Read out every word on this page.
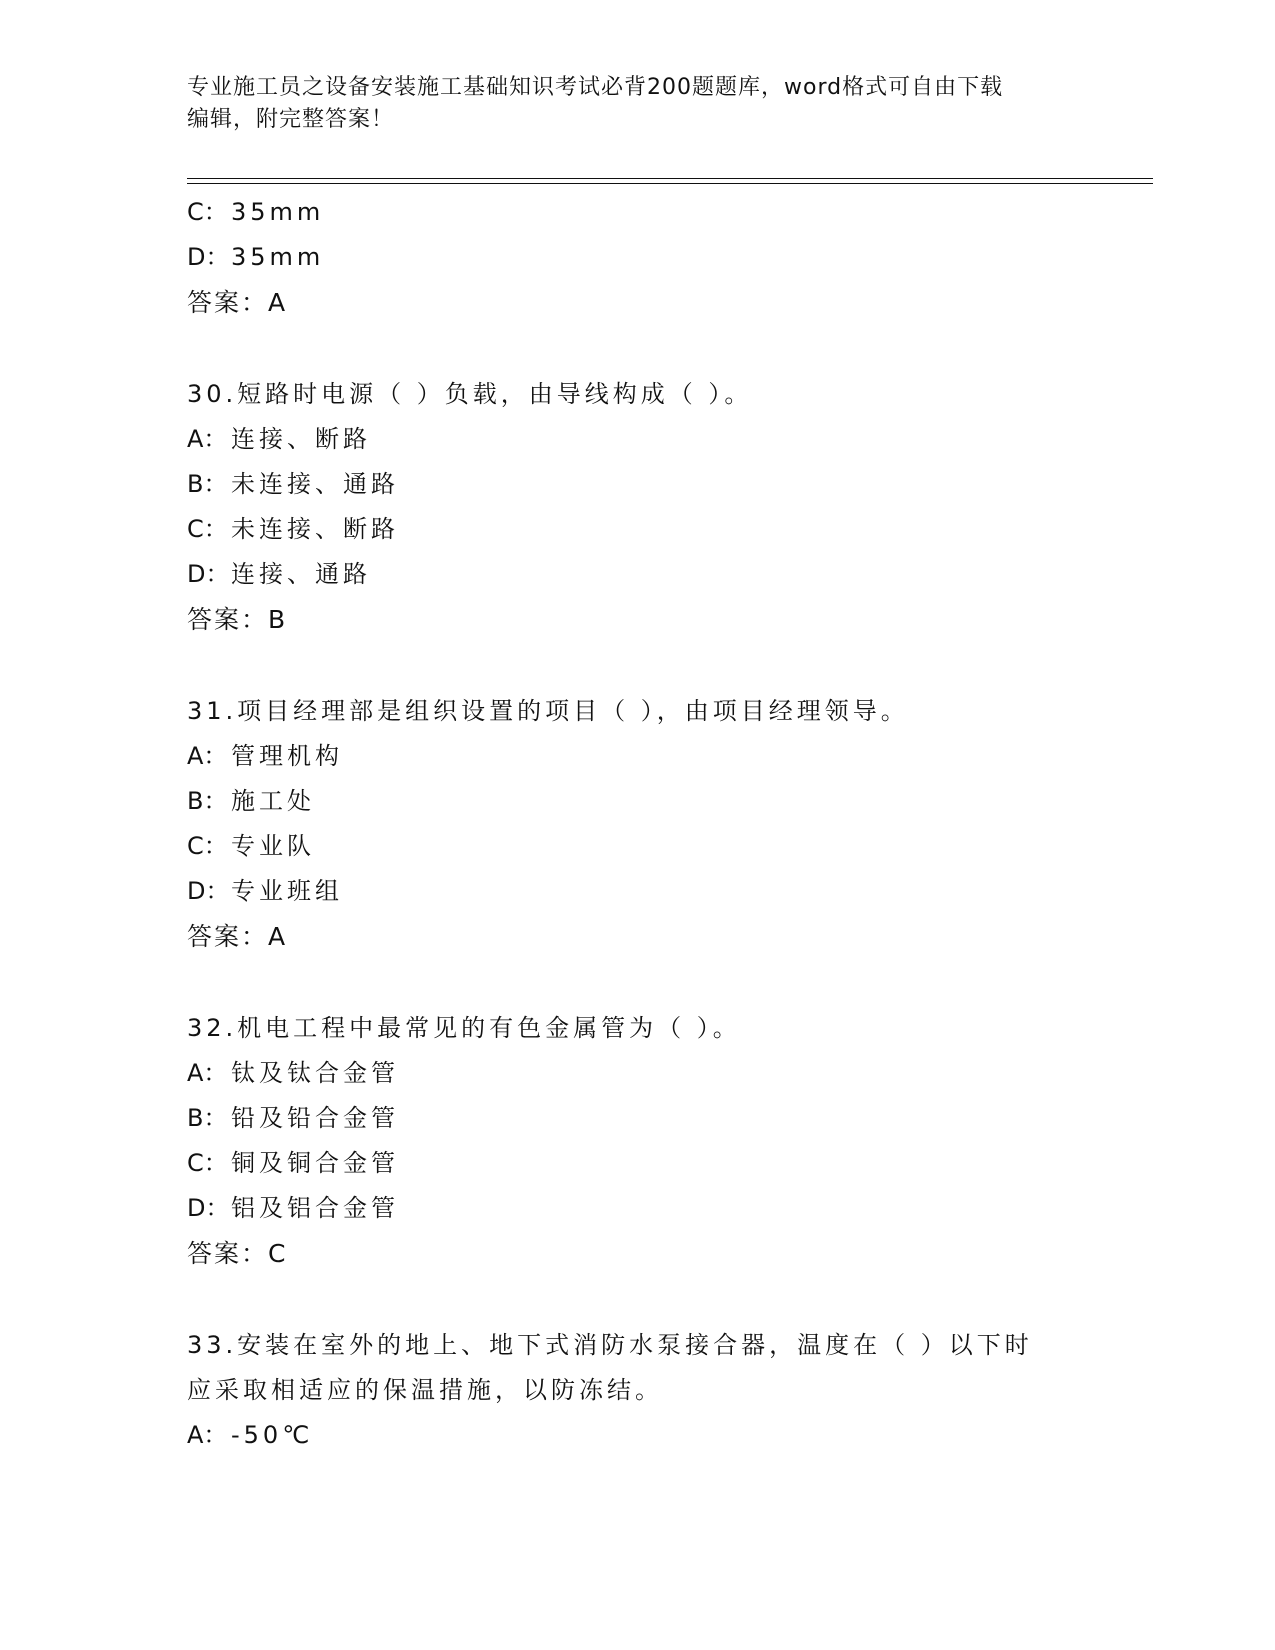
专业施工员之设备安装施工基础知识考试必背200题题库，word格式可自由下载
编辑，附完整答案！
C： 35mm
D：35mm
答案：A
30.短路时电源（ ）负载，由导线构成（ ）。
A： 连接、断路
B： 未连接、通路
C： 未连接、断路
D：连接、通路
答案：B
31.项目经理部是组织设置的项目（ ），由项目经理领导。
A： 管理机构
B： 施工处
C： 专业队
D：专业班组
答案：A
32.机电工程中最常见的有色金属管为（ ）。
A： 钛及钛合金管
B： 铅及铅合金管
C： 铜及铜合金管
D：铝及铝合金管
答案：C
33.安装在室外的地上、地下式消防水泵接合器，温度在（ ）以下时
应采取相适应的保温措施，以防冻结。
A： -50℃
